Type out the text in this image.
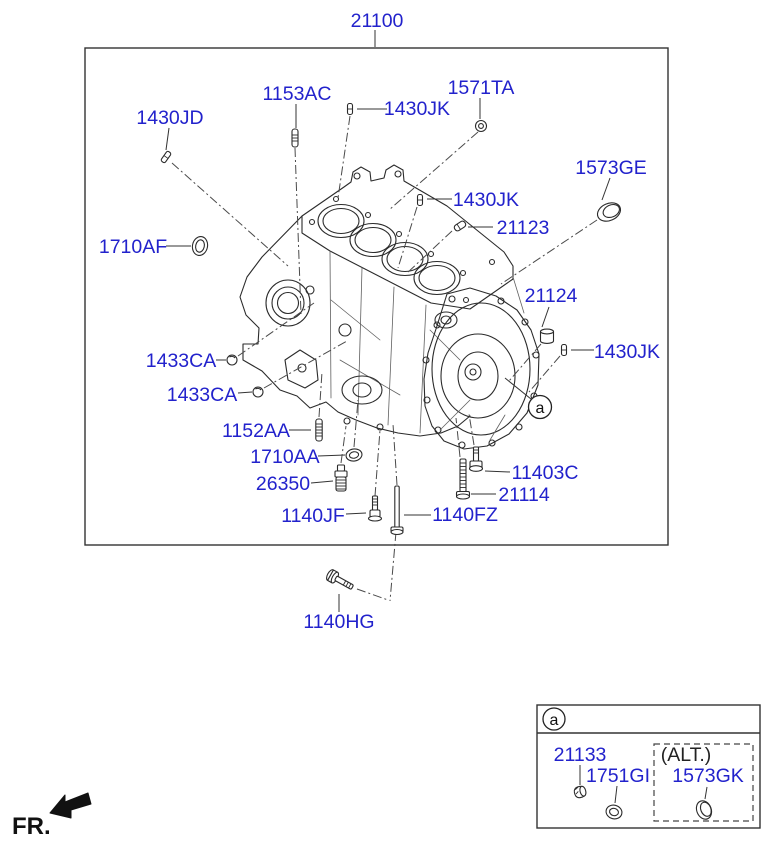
21100
1153AC
1430JK
1571TA
1430JD
1573GE
1430JK
21123
1710AF
21124
1430JK
1433CA
1433CA
1152AA
1710AA
26350
1140JF	1140FZ
11403C
21114
1140HG
a
a
21133
1751GI
(ALT.)
1573GK
FR.
